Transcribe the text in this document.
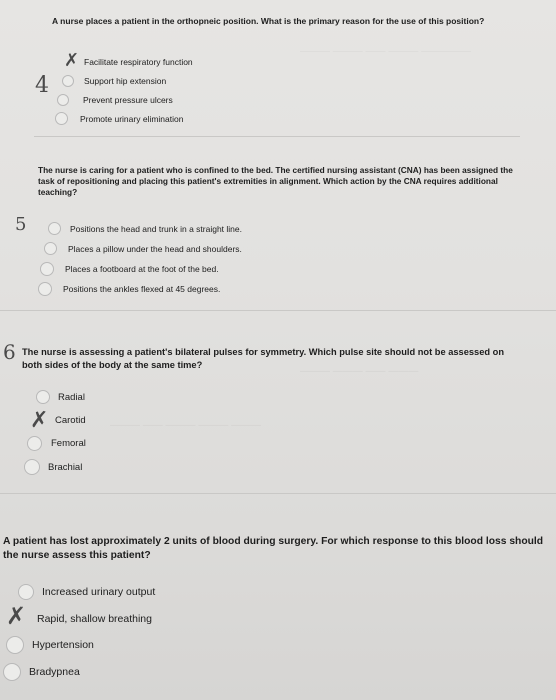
——— ——— —— ——— —————
——— ——— —— ———
——— —— ——— ——— ———

A nurse places a patient in the orthopneic position. What is the primary reason for the use of this position?

✗
4
Facilitate respiratory function
Support hip extension
Prevent pressure ulcers
Promote urinary elimination

The nurse is caring for a patient who is confined to the bed. The certified nursing assistant (CNA) has been assigned the task of repositioning and placing this patient's extremities in alignment. Which action by the CNA requires additional teaching?

5	Positions the head and trunk in a straight line.
Places a pillow under the head and shoulders.
Places a footboard at the foot of the bed.
Positions the ankles flexed at 45 degrees.
6 The nurse is assessing a patient's bilateral pulses for symmetry. Which pulse site should not be assessed on both sides of the body at the same time?

Radial
✗ Carotid
Femoral
Brachial

A patient has lost approximately 2 units of blood during surgery. For which response to this blood loss should the nurse assess this patient?

Increased urinary output
✗ Rapid, shallow breathing
Hypertension
Bradypnea
